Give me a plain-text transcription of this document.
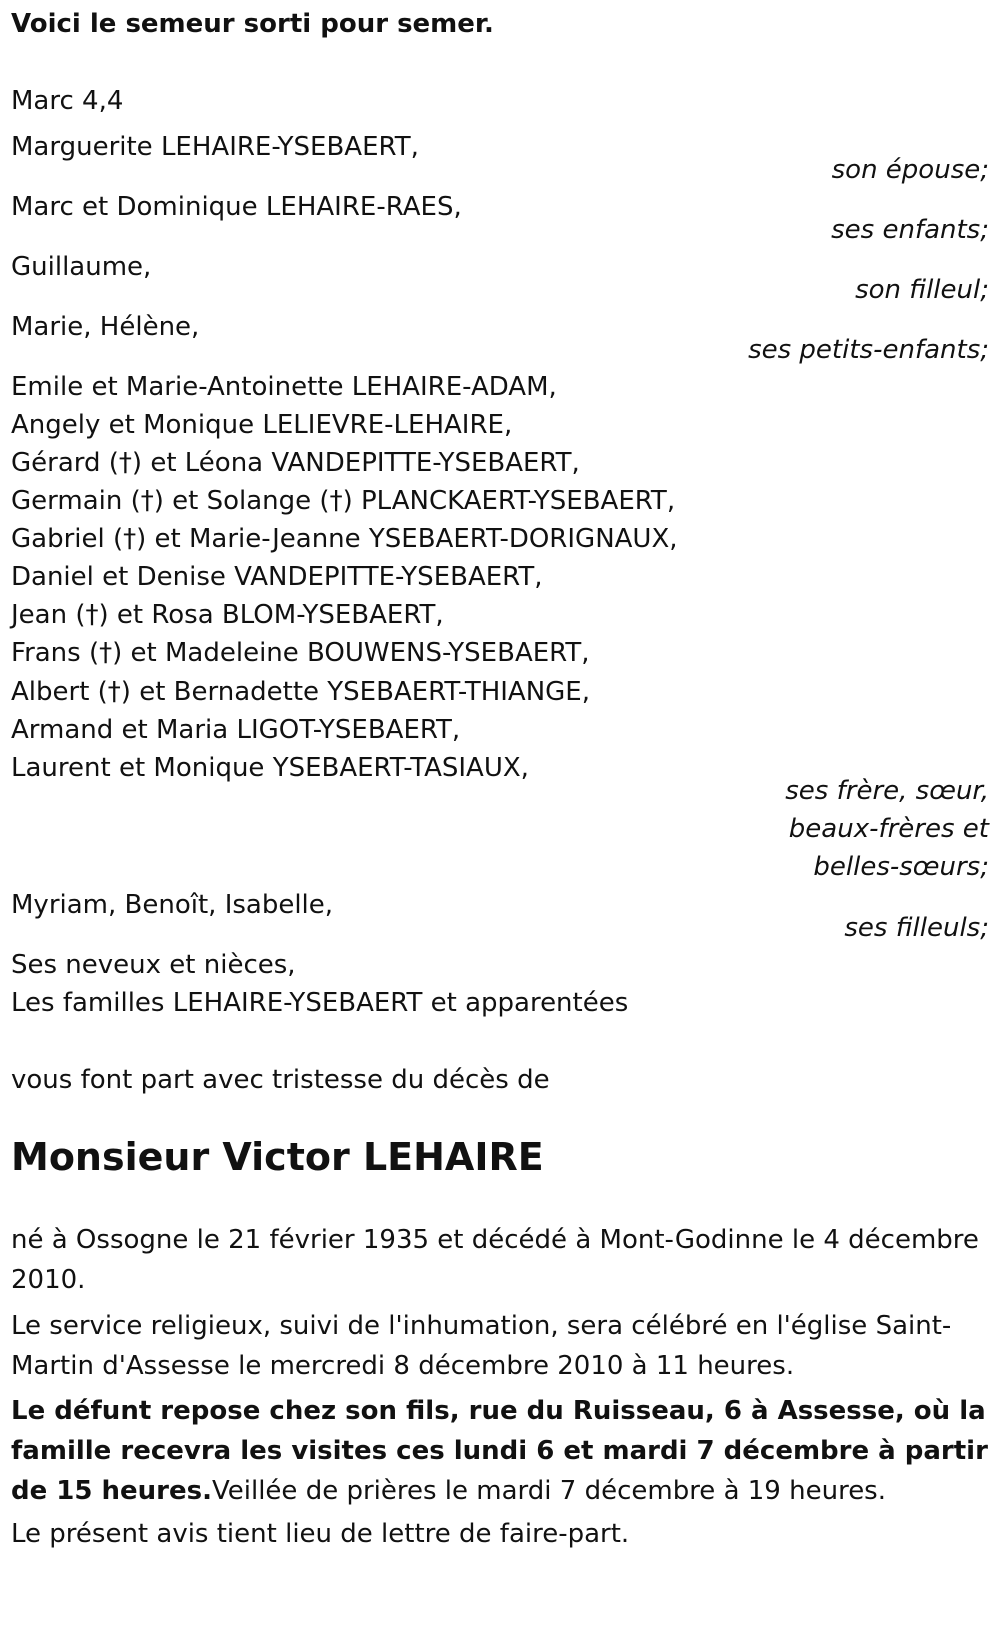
Voici le semeur sorti pour semer.
Marc 4,4
Marguerite LEHAIRE-YSEBAERT,
son épouse;
Marc et Dominique LEHAIRE-RAES,
ses enfants;
Guillaume,
son filleul;
Marie, Hélène,
ses petits-enfants;
Emile et Marie-Antoinette LEHAIRE-ADAM,
Angely et Monique LELIEVRE-LEHAIRE,
Gérard (†) et Léona VANDEPITTE-YSEBAERT,
Germain (†) et Solange (†) PLANCKAERT-YSEBAERT,
Gabriel (†) et Marie-Jeanne YSEBAERT-DORIGNAUX,
Daniel et Denise VANDEPITTE-YSEBAERT,
Jean (†) et Rosa BLOM-YSEBAERT,
Frans (†) et Madeleine BOUWENS-YSEBAERT,
Albert (†) et Bernadette YSEBAERT-THIANGE,
Armand et Maria LIGOT-YSEBAERT,
Laurent et Monique YSEBAERT-TASIAUX,
ses frère, sœur,
beaux-frères et
belles-sœurs;
Myriam, Benoît, Isabelle,
ses filleuls;
Ses neveux et nièces,
Les familles LEHAIRE-YSEBAERT et apparentées
vous font part avec tristesse du décès de
Monsieur Victor LEHAIRE
né à Ossogne le 21 février 1935 et décédé à Mont-Godinne le 4 décembre 2010.
Le service religieux, suivi de l'inhumation, sera célébré en l'église Saint-Martin d'Assesse le mercredi 8 décembre 2010 à 11 heures.
Le défunt repose chez son fils, rue du Ruisseau, 6 à Assesse, où la famille recevra les visites ces lundi 6 et mardi 7 décembre à partir de 15 heures.Veillée de prières le mardi 7 décembre à 19 heures.
Le présent avis tient lieu de lettre de faire-part.
